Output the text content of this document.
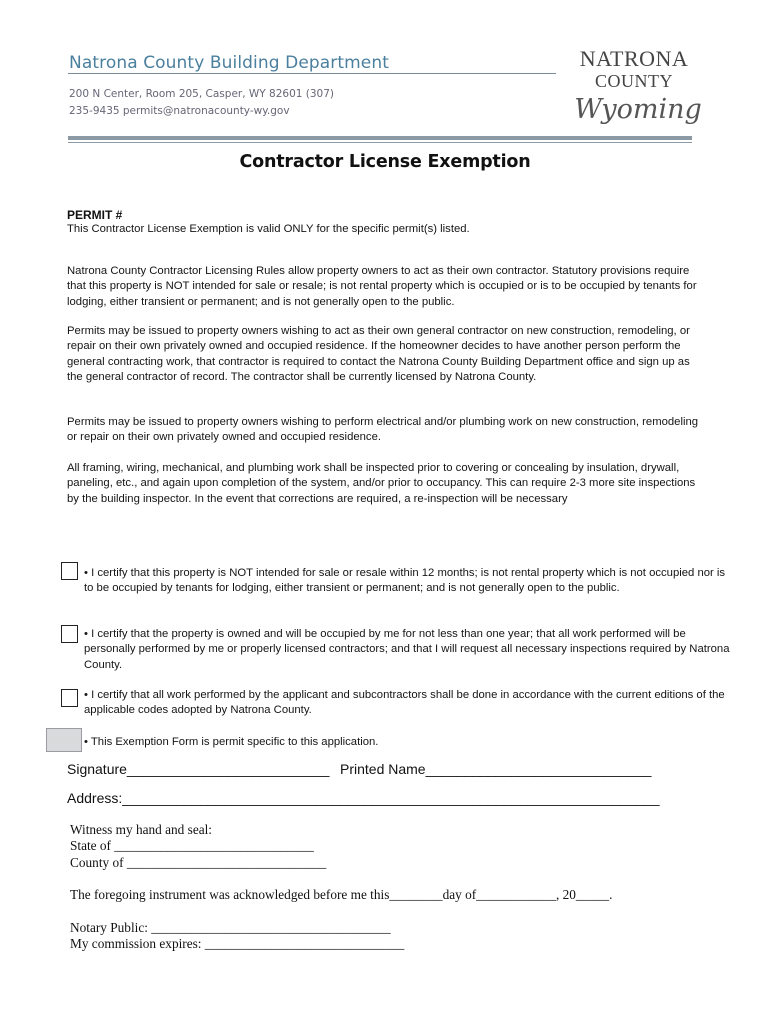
Natrona County Building Department
200 N Center, Room 205, Casper, WY 82601 (307)
235-9435 permits@natronacounty-wy.gov
NATRONA
COUNTY
Wyoming
Contractor License Exemption
PERMIT #
This Contractor License Exemption is valid ONLY for the specific permit(s) listed.
Natrona County Contractor Licensing Rules allow property owners to act as their own contractor. Statutory provisions require that this property is NOT intended for sale or resale; is not rental property which is occupied or is to be occupied by tenants for lodging, either transient or permanent; and is not generally open to the public.
Permits may be issued to property owners wishing to act as their own general contractor on new construction, remodeling, or repair on their own privately owned and occupied residence. If the homeowner decides to have another person perform the general contracting work, that contractor is required to contact the Natrona County Building Department office and sign up as the general contractor of record. The contractor shall be currently licensed by Natrona County.
Permits may be issued to property owners wishing to perform electrical and/or plumbing work on new construction, remodeling or repair on their own privately owned and occupied residence.
All framing, wiring, mechanical, and plumbing work shall be inspected prior to covering or concealing by insulation, drywall, paneling, etc., and again upon completion of the system, and/or prior to occupancy. This can require 2-3 more site inspections by the building inspector. In the event that corrections are required, a re-inspection will be necessary
• I certify that this property is NOT intended for sale or resale within 12 months; is not rental property which is not occupied nor is to be occupied by tenants for lodging, either transient or permanent; and is not generally open to the public.
• I certify that the property is owned and will be occupied by me for not less than one year; that all work performed will be personally performed by me or properly licensed contractors; and that I will request all necessary inspections required by Natrona County.
• I certify that all work performed by the applicant and subcontractors shall be done in accordance with the current editions of the applicable codes adopted by Natrona County.
• This Exemption Form is permit specific to this application.
Signature__________________________ Printed Name_____________________________
Address:_____________________________________________________________________
Witness my hand and seal:
State of ______________________________
County of ______________________________
The foregoing instrument was acknowledged before me this________day of____________, 20_____.
Notary Public: ____________________________________
My commission expires: ______________________________
